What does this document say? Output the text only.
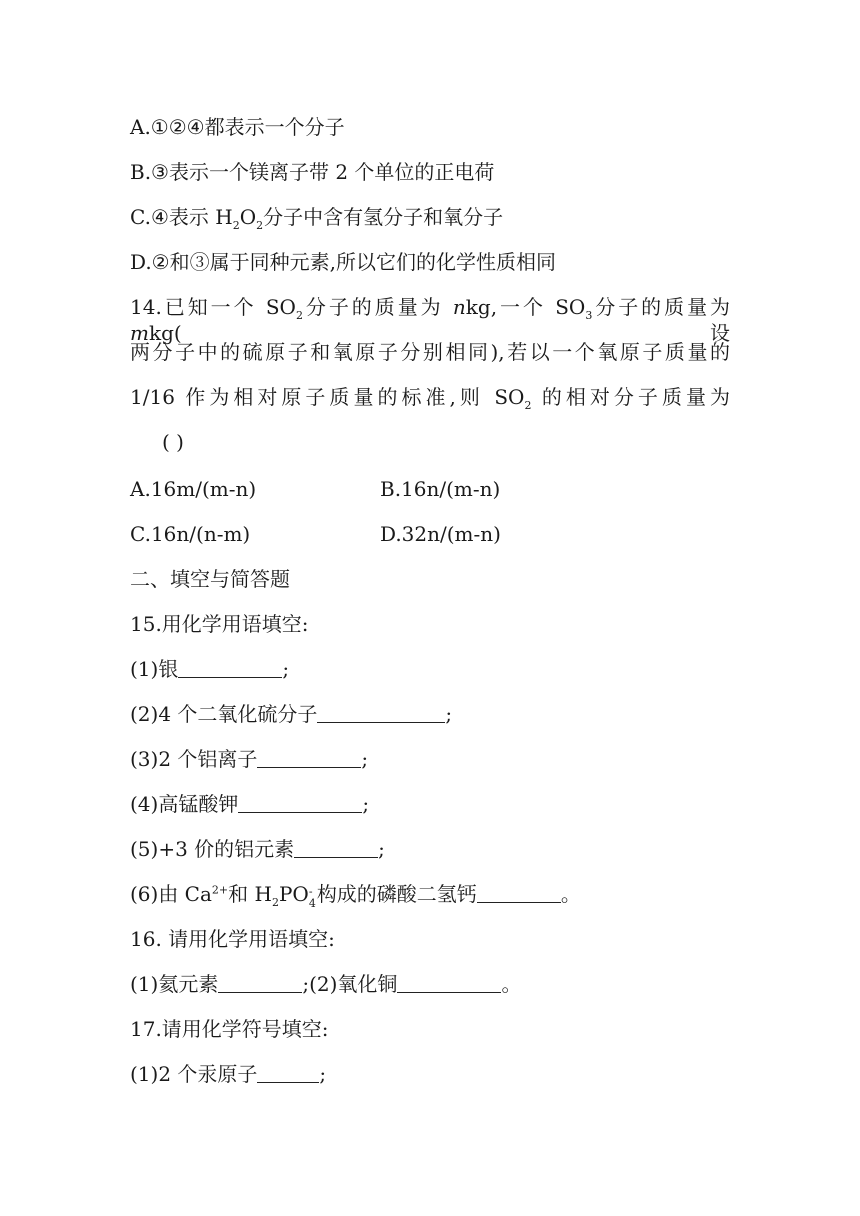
A.①②④都表示一个分子
B.③表示一个镁离子带 2 个单位的正电荷
C.④表示 $H_2O_2$分子中含有氢分子和氧分子
D.②和③属于同种元素,所以它们的化学性质相同
14.已知一个 $SO_2$分子的质量为 nkg,一个 $SO_3$分子的质量为 mkg(设
两分子中的硫原子和氧原子分别相同),若以一个氧原子质量的
1/16 作为相对原子质量的标准,则 $SO_2$ 的相对分子质量为
( )
A.16m/(m-n)	B.16n/(m-n)
C.16n/(n-m)	D.32n/(m-n)
二、填空与简答题
15.用化学用语填空:
(1)银	;
(2)4 个二氧化硫分子	;
(3)2 个铝离子	;
(4)高锰酸钾	;
(5)+3 价的铝元素	;
(6)由 $Ca^{2+}$和 $H_2PO$ -
4 构成的磷酸二氢钙	。
16. 请用化学用语填空:
(1)氦元素	;(2)氧化铜	。
17.请用化学符号填空:
(1)2 个汞原子	;
